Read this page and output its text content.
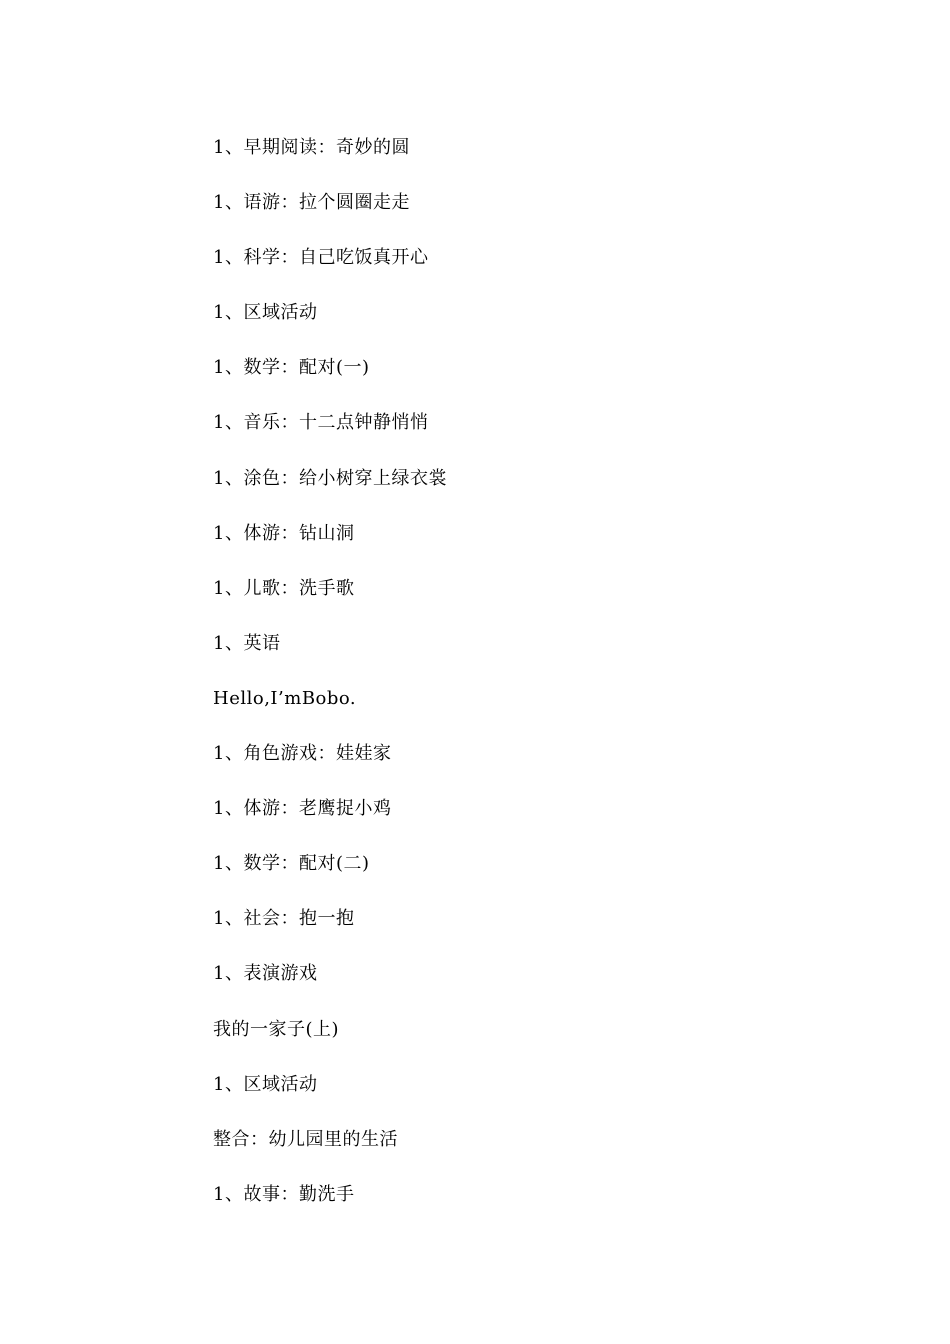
1、早期阅读：奇妙的圆
1、语游：拉个圆圈走走
1、科学：自己吃饭真开心
1、区域活动
1、数学：配对(一)
1、音乐：十二点钟静悄悄
1、涂色：给小树穿上绿衣裳
1、体游：钻山洞
1、儿歌：洗手歌
1、英语
Hello,I’mBobo.
1、角色游戏：娃娃家
1、体游：老鹰捉小鸡
1、数学：配对(二)
1、社会：抱一抱
1、表演游戏
我的一家子(上)
1、区域活动
整合：幼儿园里的生活
1、故事：勤洗手
